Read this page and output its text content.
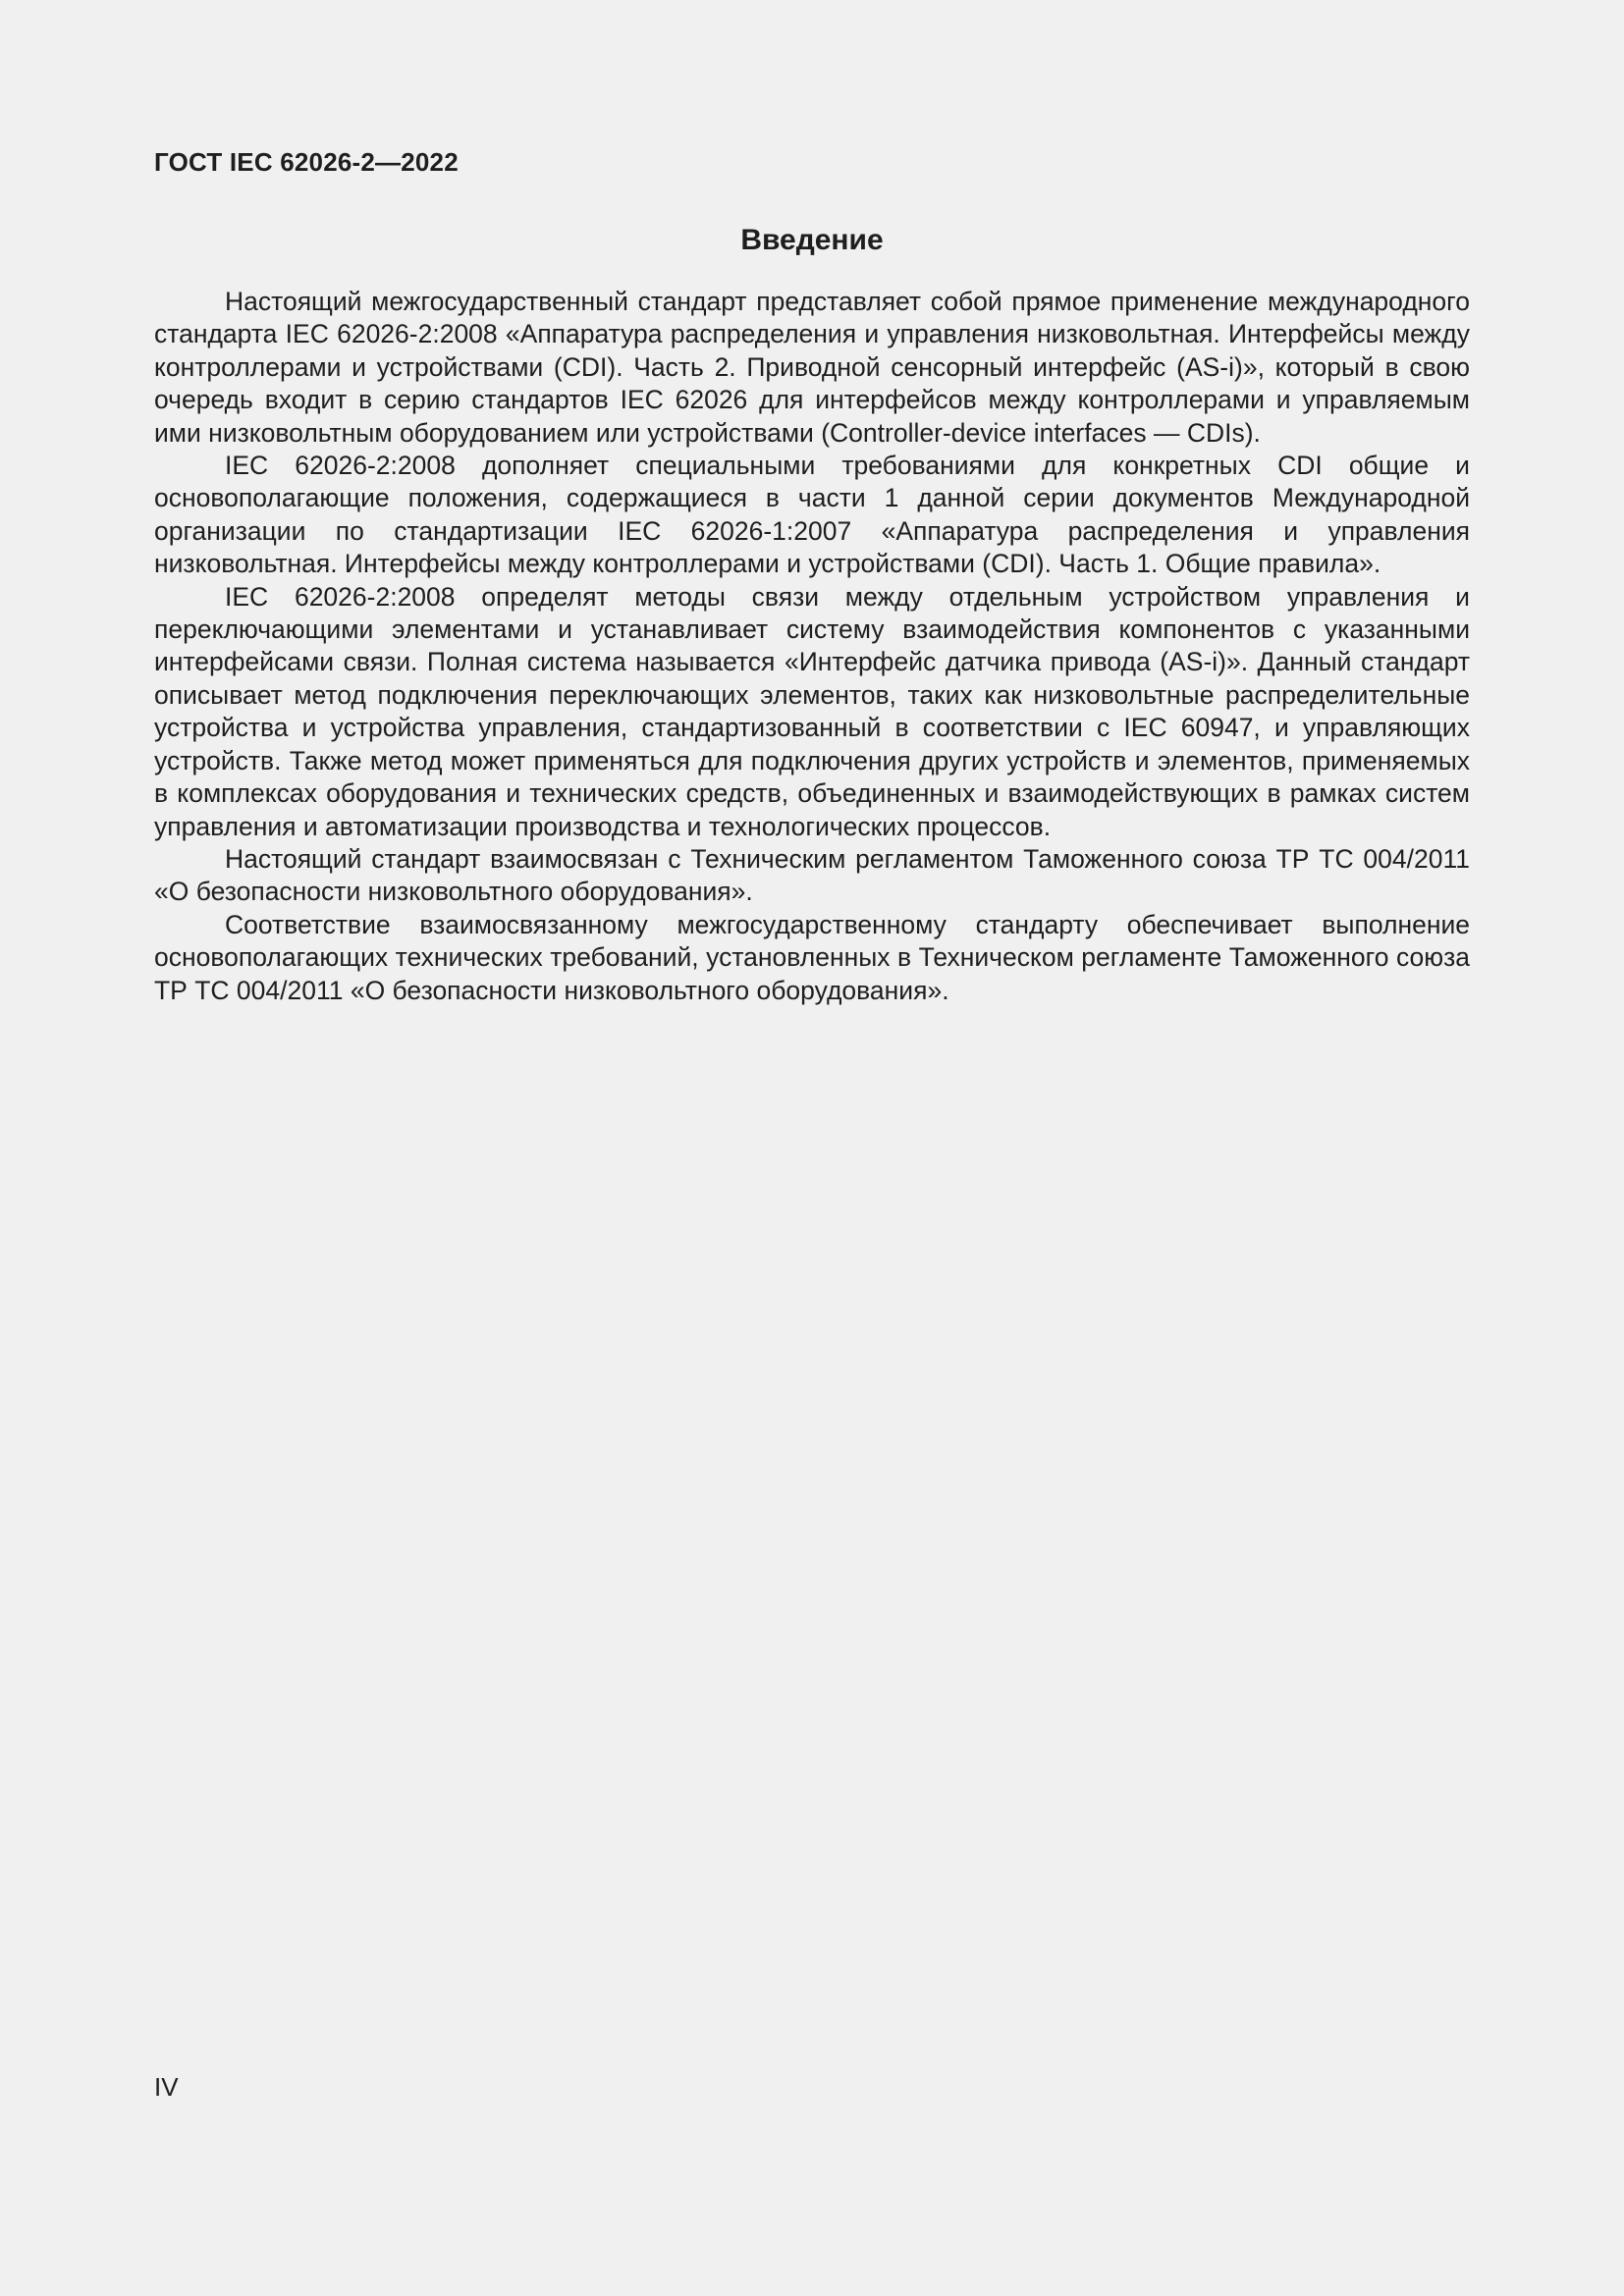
ГОСТ IEC 62026-2—2022
Введение

Настоящий межгосударственный стандарт представляет собой прямое применение международного стандарта IEC 62026-2:2008 «Аппаратура распределения и управления низковольтная. Интерфейсы между контроллерами и устройствами (CDI). Часть 2. Приводной сенсорный интерфейс (AS-i)», который в свою очередь входит в серию стандартов IEC 62026 для интерфейсов между контроллерами и управляемым ими низковольтным оборудованием или устройствами (Controller-device interfaces — CDIs).

IEC 62026-2:2008 дополняет специальными требованиями для конкретных CDI общие и основополагающие положения, содержащиеся в части 1 данной серии документов Международной организации по стандартизации IEC 62026-1:2007 «Аппаратура распределения и управления низковольтная. Интерфейсы между контроллерами и устройствами (CDI). Часть 1. Общие правила».

IEC 62026-2:2008 определят методы связи между отдельным устройством управления и переключающими элементами и устанавливает систему взаимодействия компонентов с указанными интерфейсами связи. Полная система называется «Интерфейс датчика привода (AS-i)». Данный стандарт описывает метод подключения переключающих элементов, таких как низковольтные распределительные устройства и устройства управления, стандартизованный в соответствии с IEC 60947, и управляющих устройств. Также метод может применяться для подключения других устройств и элементов, применяемых в комплексах оборудования и технических средств, объединенных и взаимодействующих в рамках систем управления и автоматизации производства и технологических процессов.

Настоящий стандарт взаимосвязан с Техническим регламентом Таможенного союза ТР ТС 004/2011 «О безопасности низковольтного оборудования».

Соответствие взаимосвязанному межгосударственному стандарту обеспечивает выполнение основополагающих технических требований, установленных в Техническом регламенте Таможенного союза ТР ТС 004/2011 «О безопасности низковольтного оборудования».

IV
